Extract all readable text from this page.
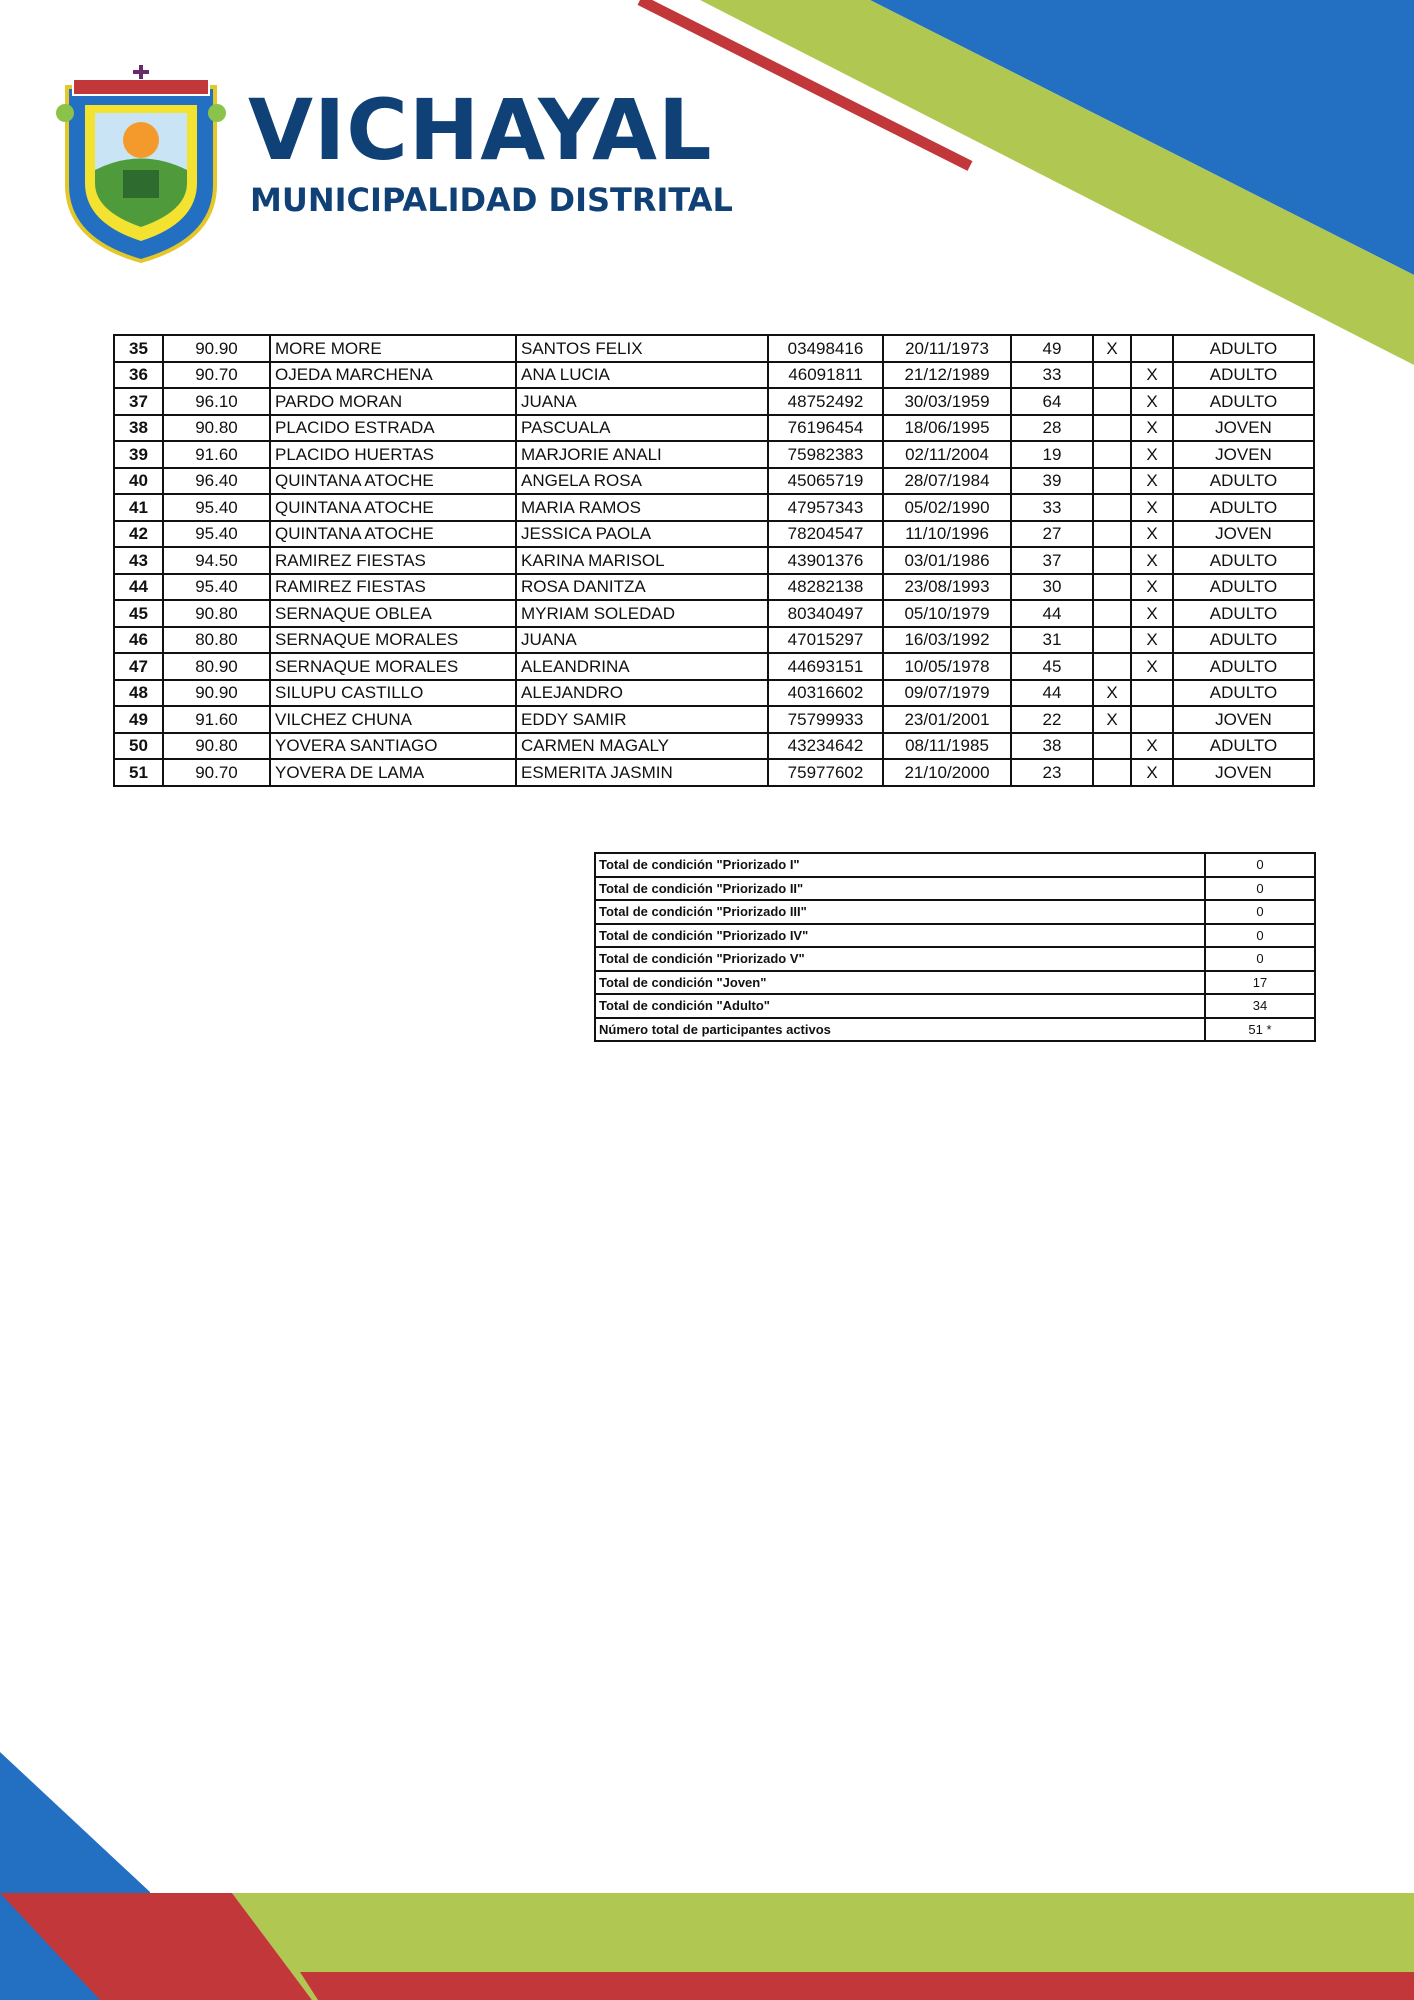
VICHAYAL
MUNICIPALIDAD DISTRITAL
35	90.90	MORE MORE	SANTOS FELIX	03498416	20/11/1973	49	X		ADULTO
36	90.70	OJEDA MARCHENA	ANA LUCIA	46091811	21/12/1989	33		X	ADULTO
37	96.10	PARDO MORAN	JUANA	48752492	30/03/1959	64		X	ADULTO
38	90.80	PLACIDO ESTRADA	PASCUALA	76196454	18/06/1995	28		X	JOVEN
39	91.60	PLACIDO HUERTAS	MARJORIE ANALI	75982383	02/11/2004	19		X	JOVEN
40	96.40	QUINTANA ATOCHE	ANGELA ROSA	45065719	28/07/1984	39		X	ADULTO
41	95.40	QUINTANA ATOCHE	MARIA RAMOS	47957343	05/02/1990	33		X	ADULTO
42	95.40	QUINTANA ATOCHE	JESSICA PAOLA	78204547	11/10/1996	27		X	JOVEN
43	94.50	RAMIREZ FIESTAS	KARINA MARISOL	43901376	03/01/1986	37		X	ADULTO
44	95.40	RAMIREZ FIESTAS	ROSA DANITZA	48282138	23/08/1993	30		X	ADULTO
45	90.80	SERNAQUE OBLEA	MYRIAM SOLEDAD	80340497	05/10/1979	44		X	ADULTO
46	80.80	SERNAQUE MORALES	JUANA	47015297	16/03/1992	31		X	ADULTO
47	80.90	SERNAQUE MORALES	ALEANDRINA	44693151	10/05/1978	45		X	ADULTO
48	90.90	SILUPU CASTILLO	ALEJANDRO	40316602	09/07/1979	44	X		ADULTO
49	91.60	VILCHEZ CHUNA	EDDY SAMIR	75799933	23/01/2001	22	X		JOVEN
50	90.80	YOVERA SANTIAGO	CARMEN MAGALY	43234642	08/11/1985	38		X	ADULTO
51	90.70	YOVERA DE LAMA	ESMERITA JASMIN	75977602	21/10/2000	23		X	JOVEN
Total de condición "Priorizado I"	0
Total de condición "Priorizado II"	0
Total de condición "Priorizado III"	0
Total de condición "Priorizado IV"	0
Total de condición "Priorizado V"	0
Total de condición "Joven"	17
Total de condición "Adulto"	34
Número total de participantes activos	51 *
